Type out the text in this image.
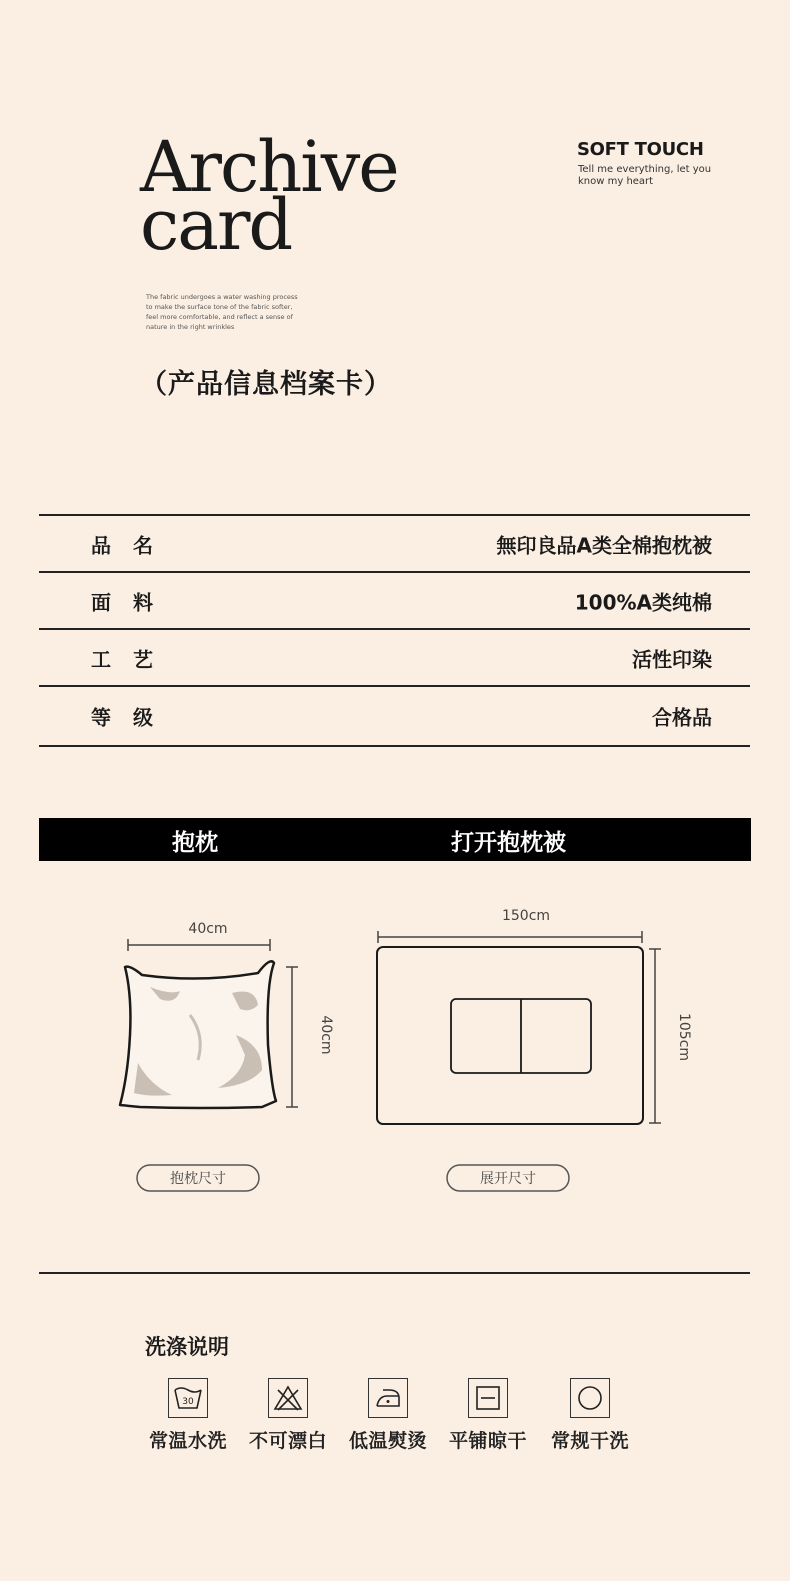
Archive
card
SOFT TOUCH
Tell me everything, let you know my heart
The fabric undergoes a water washing process to make the surface tone of the fabric softer, feel more comfortable, and reflect a sense of nature in the right wrinkles
（产品信息档案卡）
品名	無印良品A类全棉抱枕被
面料	100%A类纯棉
工艺	活性印染
等级	合格品
抱枕	打开抱枕被
40cm
40cm
150cm
105cm
抱枕尺寸	展开尺寸
洗涤说明
30
常温水洗	不可漂白	低温熨烫	平铺晾干	常规干洗
